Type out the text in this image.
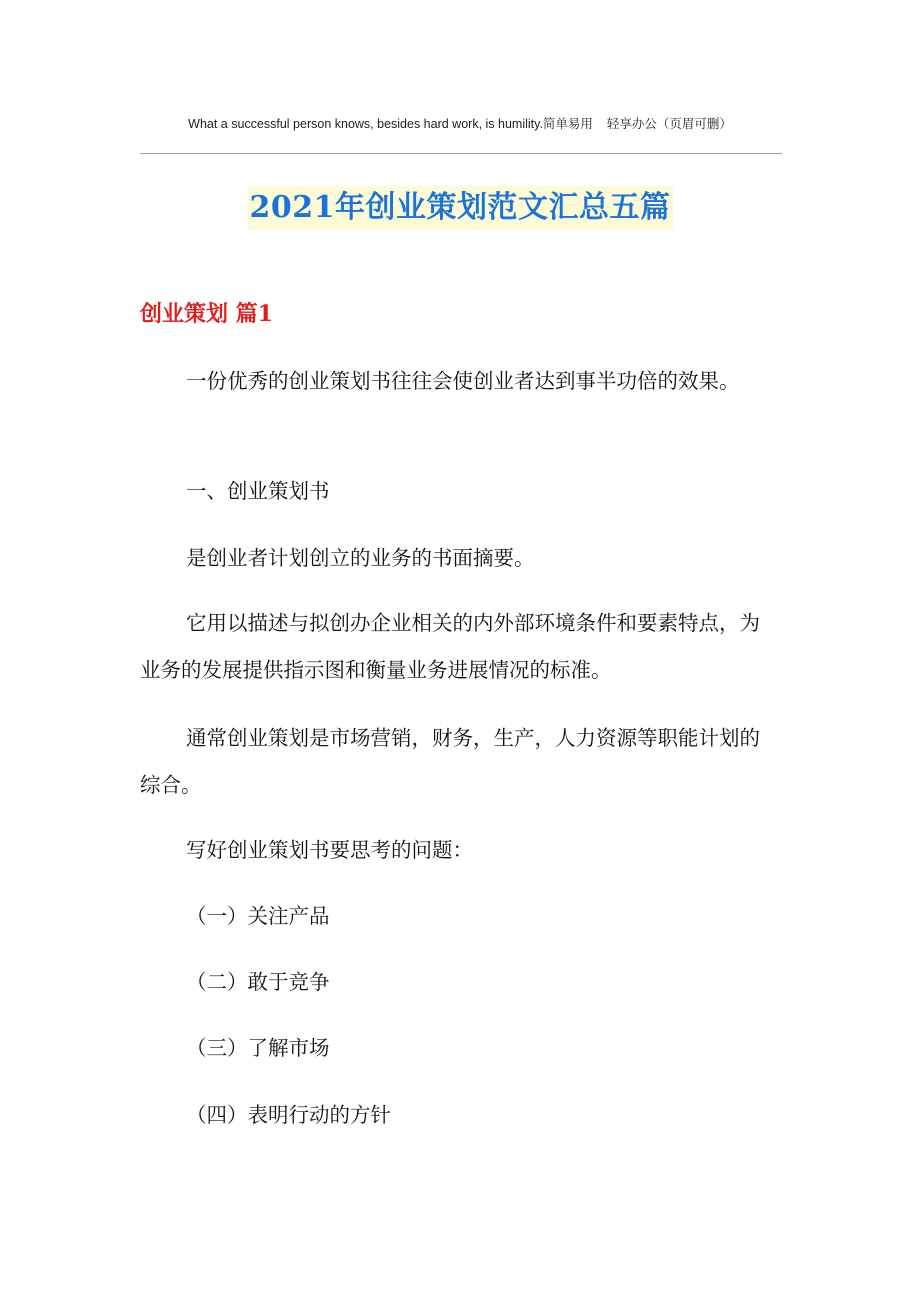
What a successful person knows, besides hard work, is humility.简单易用    轻享办公（页眉可删）
2021年创业策划范文汇总五篇
创业策划 篇1

一份优秀的创业策划书往往会使创业者达到事半功倍的效果。

一、创业策划书

是创业者计划创立的业务的书面摘要。

它用以描述与拟创办企业相关的内外部环境条件和要素特点，为业务的发展提供指示图和衡量业务进展情况的标准。

通常创业策划是市场营销，财务，生产，人力资源等职能计划的综合。

写好创业策划书要思考的问题：

（一）关注产品

（二）敢于竞争

（三）了解市场

（四）表明行动的方针
